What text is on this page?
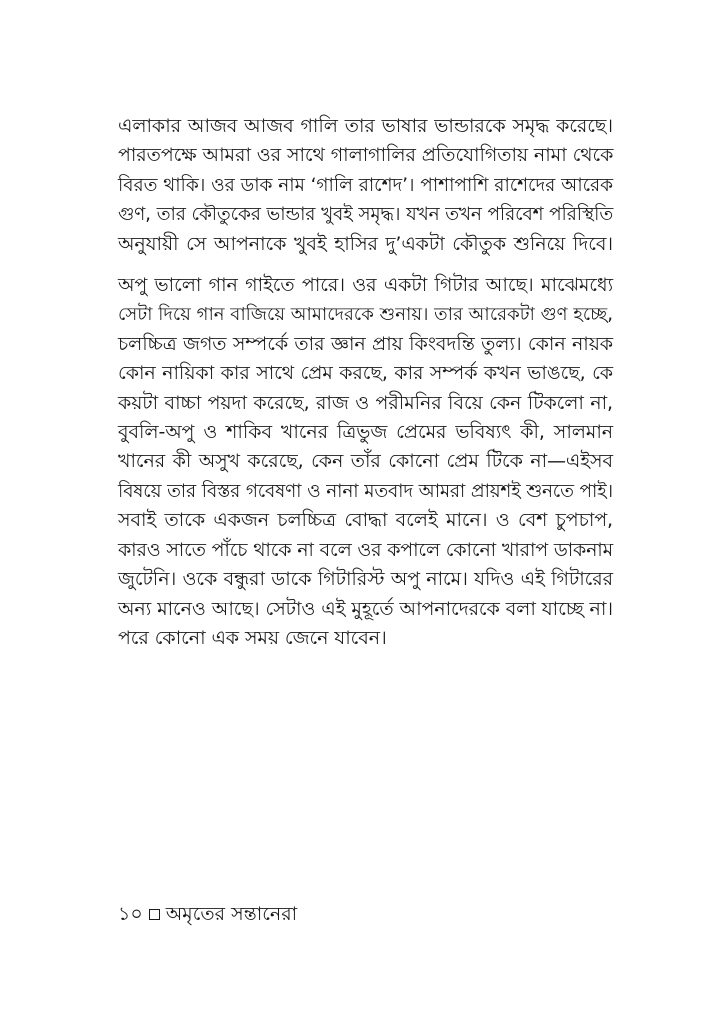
এলাকার আজব আজব গালি তার ভাষার ভান্ডারকে সমৃদ্ধ করেছে।
পারতপক্ষে আমরা ওর সাথে গালাগালির প্রতিযোগিতায় নামা থেকে
বিরত থাকি। ওর ডাক নাম ‘গালি রাশেদ’। পাশাপাশি রাশেদের আরেক
গুণ, তার কৌতুকের ভান্ডার খুবই সমৃদ্ধ। যখন তখন পরিবেশ পরিস্থিতি
অনুযায়ী সে আপনাকে খুবই হাসির দু’একটা কৌতুক শুনিয়ে দিবে।

অপু ভালো গান গাইতে পারে। ওর একটা গিটার আছে। মাঝেমধ্যে
সেটা দিয়ে গান বাজিয়ে আমাদেরকে শুনায়। তার আরেকটা গুণ হচ্ছে,
চলচ্চিত্র জগত সম্পর্কে তার জ্ঞান প্রায় কিংবদন্তি তুল্য। কোন নায়ক
কোন নায়িকা কার সাথে প্রেম করছে, কার সম্পর্ক কখন ভাঙছে, কে
কয়টা বাচ্চা পয়দা করেছে, রাজ ও পরীমনির বিয়ে কেন টিকলো না,
বুবলি-অপু ও শাকিব খানের ত্রিভুজ প্রেমের ভবিষ্যৎ কী, সালমান
খানের কী অসুখ করেছে, কেন তাঁর কোনো প্রেম টিকে না—এইসব
বিষয়ে তার বিস্তর গবেষণা ও নানা মতবাদ আমরা প্রায়শই শুনতে পাই।
সবাই তাকে একজন চলচ্চিত্র বোদ্ধা বলেই মানে। ও বেশ চুপচাপ,
কারও সাতে পাঁচে থাকে না বলে ওর কপালে কোনো খারাপ ডাকনাম
জুটেনি। ওকে বন্ধুরা ডাকে গিটারিস্ট অপু নামে। যদিও এই গিটারের
অন্য মানেও আছে। সেটাও এই মুহূর্তে আপনাদেরকে বলা যাচ্ছে না।
পরে কোনো এক সময় জেনে যাবেন।

১০ অমৃতের সন্তানেরা
